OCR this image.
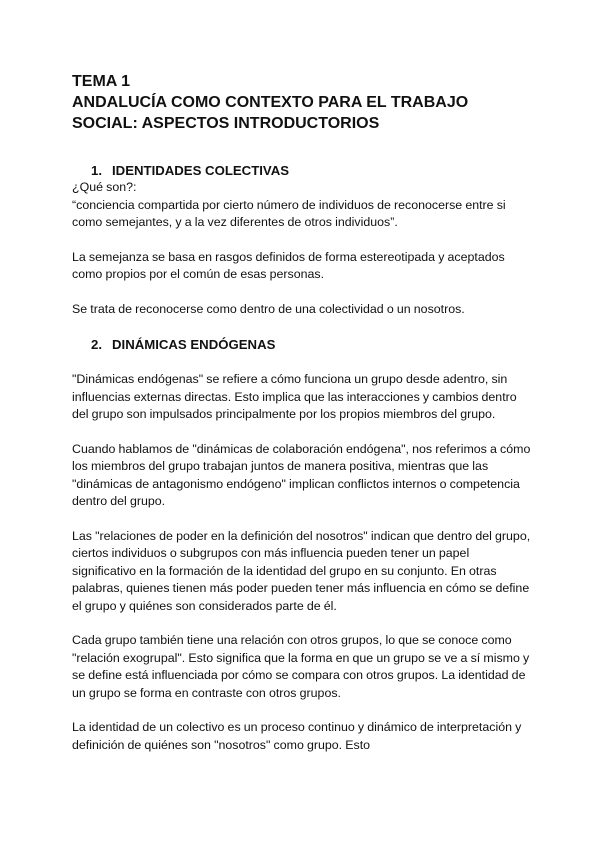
TEMA 1

ANDALUCÍA COMO CONTEXTO PARA EL TRABAJO

SOCIAL: ASPECTOS INTRODUCTORIOS

1. IDENTIDADES COLECTIVAS

¿Qué son?:

“conciencia compartida por cierto número de individuos de reconocerse entre si como semejantes, y a la vez diferentes de otros individuos”.

La semejanza se basa en rasgos definidos de forma estereotipada y aceptados como propios por el común de esas personas.

Se trata de reconocerse como dentro de una colectividad o un nosotros.

2. DINÁMICAS ENDÓGENAS

"Dinámicas endógenas" se refiere a cómo funciona un grupo desde adentro, sin influencias externas directas. Esto implica que las interacciones y cambios dentro del grupo son impulsados principalmente por los propios miembros del grupo.

Cuando hablamos de "dinámicas de colaboración endógena", nos referimos a cómo los miembros del grupo trabajan juntos de manera positiva, mientras que las "dinámicas de antagonismo endógeno" implican conflictos internos o competencia dentro del grupo.

Las "relaciones de poder en la definición del nosotros" indican que dentro del grupo, ciertos individuos o subgrupos con más influencia pueden tener un papel significativo en la formación de la identidad del grupo en su conjunto. En otras palabras, quienes tienen más poder pueden tener más influencia en cómo se define el grupo y quiénes son considerados parte de él.

Cada grupo también tiene una relación con otros grupos, lo que se conoce como "relación exogrupal". Esto significa que la forma en que un grupo se ve a sí mismo y se define está influenciada por cómo se compara con otros grupos. La identidad de un grupo se forma en contraste con otros grupos.

La identidad de un colectivo es un proceso continuo y dinámico de interpretación y definición de quiénes son "nosotros" como grupo. Esto
